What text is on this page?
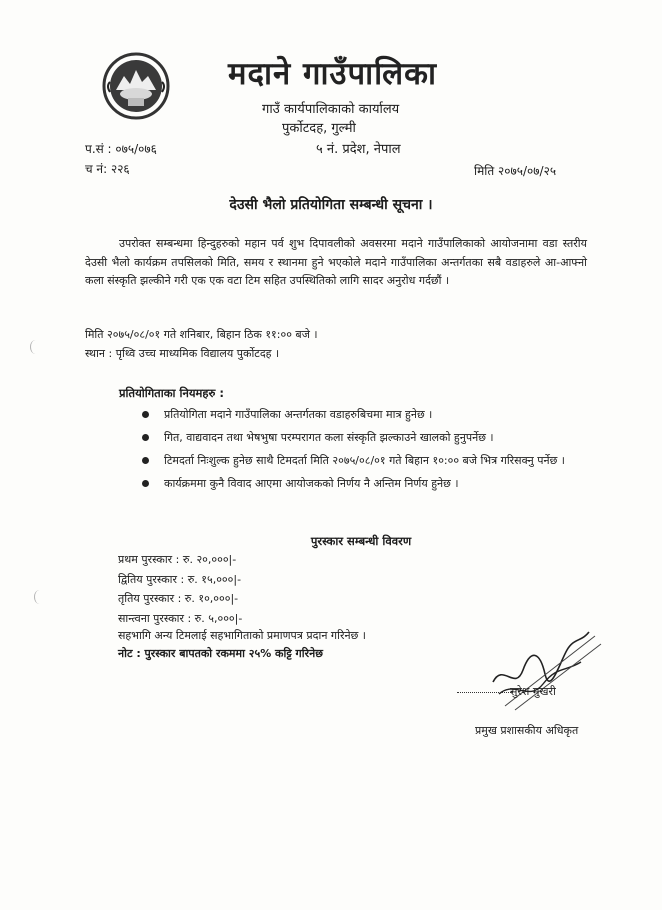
मदाने गाउँपालिका
गाउँ कार्यपालिकाको कार्यालय
पुर्कोटदह, गुल्मी
५ नं. प्रदेश, नेपाल
प.सं : ०७५/०७६
च नं: २२६	मिति २०७५/०७/२५
देउसी भैलो प्रतियोगिता सम्बन्धी सूचना ।
उपरोक्त सम्बन्धमा हिन्दुहरुको महान पर्व शुभ दिपावलीको अवसरमा मदाने गाउँपालिकाको आयोजनामा वडा स्तरीय देउसी भैलो कार्यक्रम तपसिलको मिति, समय र स्थानमा हुने भएकोले मदाने गाउँपालिका अन्तर्गतका सबै वडाहरुले आ-आफ्नो कला संस्कृति झल्कीने गरी एक एक वटा टिम सहित उपस्थितिको लागि सादर अनुरोध गर्दछौं ।
मिति २०७५/०८/०१ गते शनिबार, बिहान ठिक ११:०० बजे ।
स्थान : पृथ्वि उच्च माध्यमिक विद्यालय पुर्कोटदह ।
प्रतियोगिताका नियमहरु :
प्रतियोगिता मदाने गाउँपालिका अन्तर्गतका वडाहरुबिचमा मात्र हुनेछ ।
गित, वाद्यवादन तथा भेषभुषा परम्परागत कला संस्कृति झल्काउने खालको हुनुपर्नेछ ।
टिमदर्ता निःशुल्क हुनेछ साथै टिमदर्ता मिति २०७५/०८/०१ गते बिहान १०:०० बजे भित्र गरिसक्नु पर्नेछ ।
कार्यक्रममा कुनै विवाद आएमा आयोजकको निर्णय नै अन्तिम निर्णय हुनेछ ।
पुरस्कार सम्बन्धी विवरण
प्रथम पुरस्कार : रु. २०,०००|-
द्वितिय पुरस्कार : रु. १५,०००|-
तृतिय पुरस्कार : रु. १०,०००|-
सान्त्वना पुरस्कार : रु. ५,०००|-
सहभागि अन्य टिमलाई सहभागिताको प्रमाणपत्र प्रदान गरिनेछ ।
नोट : पुरस्कार बापतको रकममा २५% कट्टि गरिनेछ
सुरेश मुखरी
प्रमुख प्रशासकीय अधिकृत
